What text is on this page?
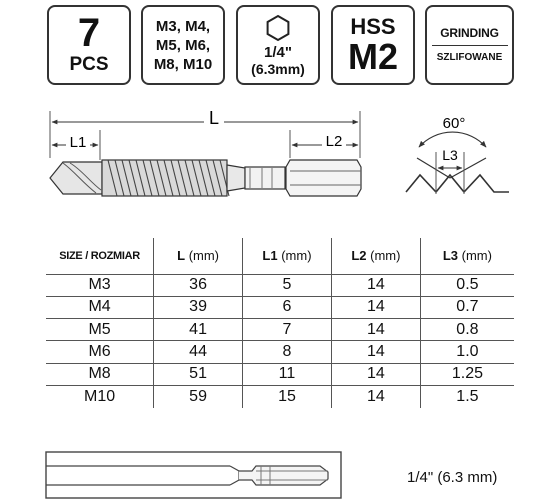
7
PCS
M3, M4,
M5, M6,
M8, M10
1/4"
(6.3mm)
HSS
M2
GRINDING
SZLIFOWANE
L
L1	L2
60°
L3
SIZE / ROZMIAR	L (mm)	L1 (mm)	L2 (mm)	L3 (mm)
M3	36	5	14	0.5
M4	39	6	14	0.7
M5	41	7	14	0.8
M6	44	8	14	1.0
M8	51	11	14	1.25
M10	59	15	14	1.5
1/4" (6.3 mm)
